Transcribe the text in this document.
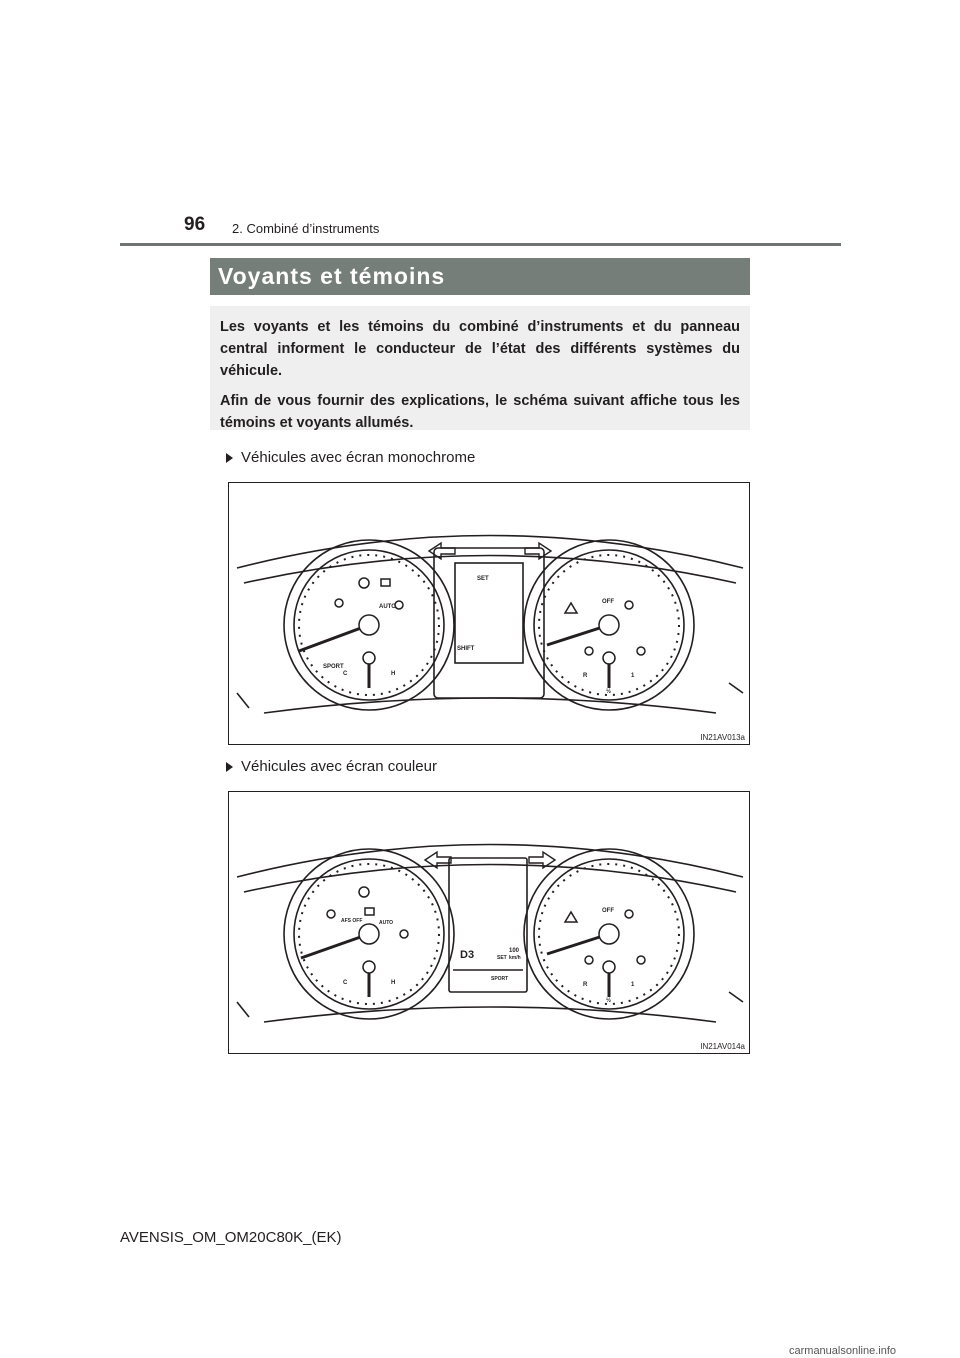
96 2. Combiné d’instruments
Voyants et témoins

Les voyants et les témoins du combiné d’instruments et du panneau central informent le conducteur de l’état des différents systèmes du véhicule.

Afin de vous fournir des explications, le schéma suivant affiche tous les témoins et voyants allumés.

Véhicules avec écran monochrome
SET
SHIFT
SPORT
AUTO
OFF
C	H	R	1
½
IN21AV013a
Véhicules avec écran couleur
D3	100
km/h
SET
SPORT
AFS OFF	AUTO
OFF
C	H	R	1
½
IN21AV014a
AVENSIS_OM_OM20C80K_(EK)
carmanualsonline.info
